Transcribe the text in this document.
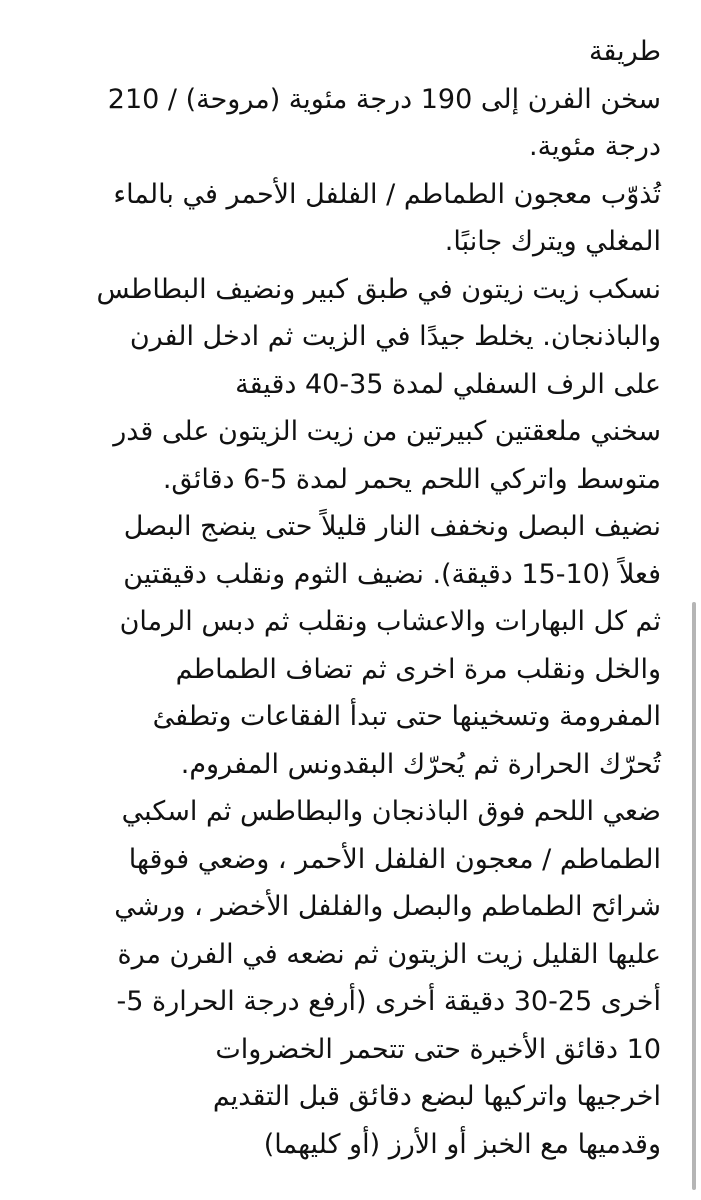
طريقة
سخن الفرن إلى 190 درجة مئوية (مروحة) / 210
درجة مئوية.
تُذوّب معجون الطماطم / الفلفل الأحمر في بالماء
المغلي ويترك جانبًا.
نسكب زيت زيتون في طبق كبير ونضيف البطاطس
والباذنجان. يخلط جيدًا في الزيت ثم ادخل الفرن
على الرف السفلي لمدة 35-40 دقيقة
سخني ملعقتين كبيرتين من زيت الزيتون على قدر
متوسط واتركي اللحم يحمر لمدة 5-6 دقائق.
نضيف البصل ونخفف النار قليلاً حتى ينضج البصل
فعلاً (10-15 دقيقة). نضيف الثوم ونقلب دقيقتين
ثم كل البهارات والاعشاب ونقلب ثم دبس الرمان
والخل ونقلب مرة اخرى ثم تضاف الطماطم
المفرومة وتسخينها حتى تبدأ الفقاعات وتطفئ
تُحرّك الحرارة ثم يُحرّك البقدونس المفروم.
ضعي اللحم فوق الباذنجان والبطاطس ثم اسكبي
الطماطم / معجون الفلفل الأحمر ، وضعي فوقها
شرائح الطماطم والبصل والفلفل الأخضر ، ورشي
عليها القليل زيت الزيتون ثم نضعه في الفرن مرة
أخرى 25-30 دقيقة أخرى (أرفع درجة الحرارة 5-
10 دقائق الأخيرة حتى تتحمر الخضروات
اخرجيها واتركيها لبضع دقائق قبل التقديم
وقدميها مع الخبز أو الأرز (أو كليهما)
